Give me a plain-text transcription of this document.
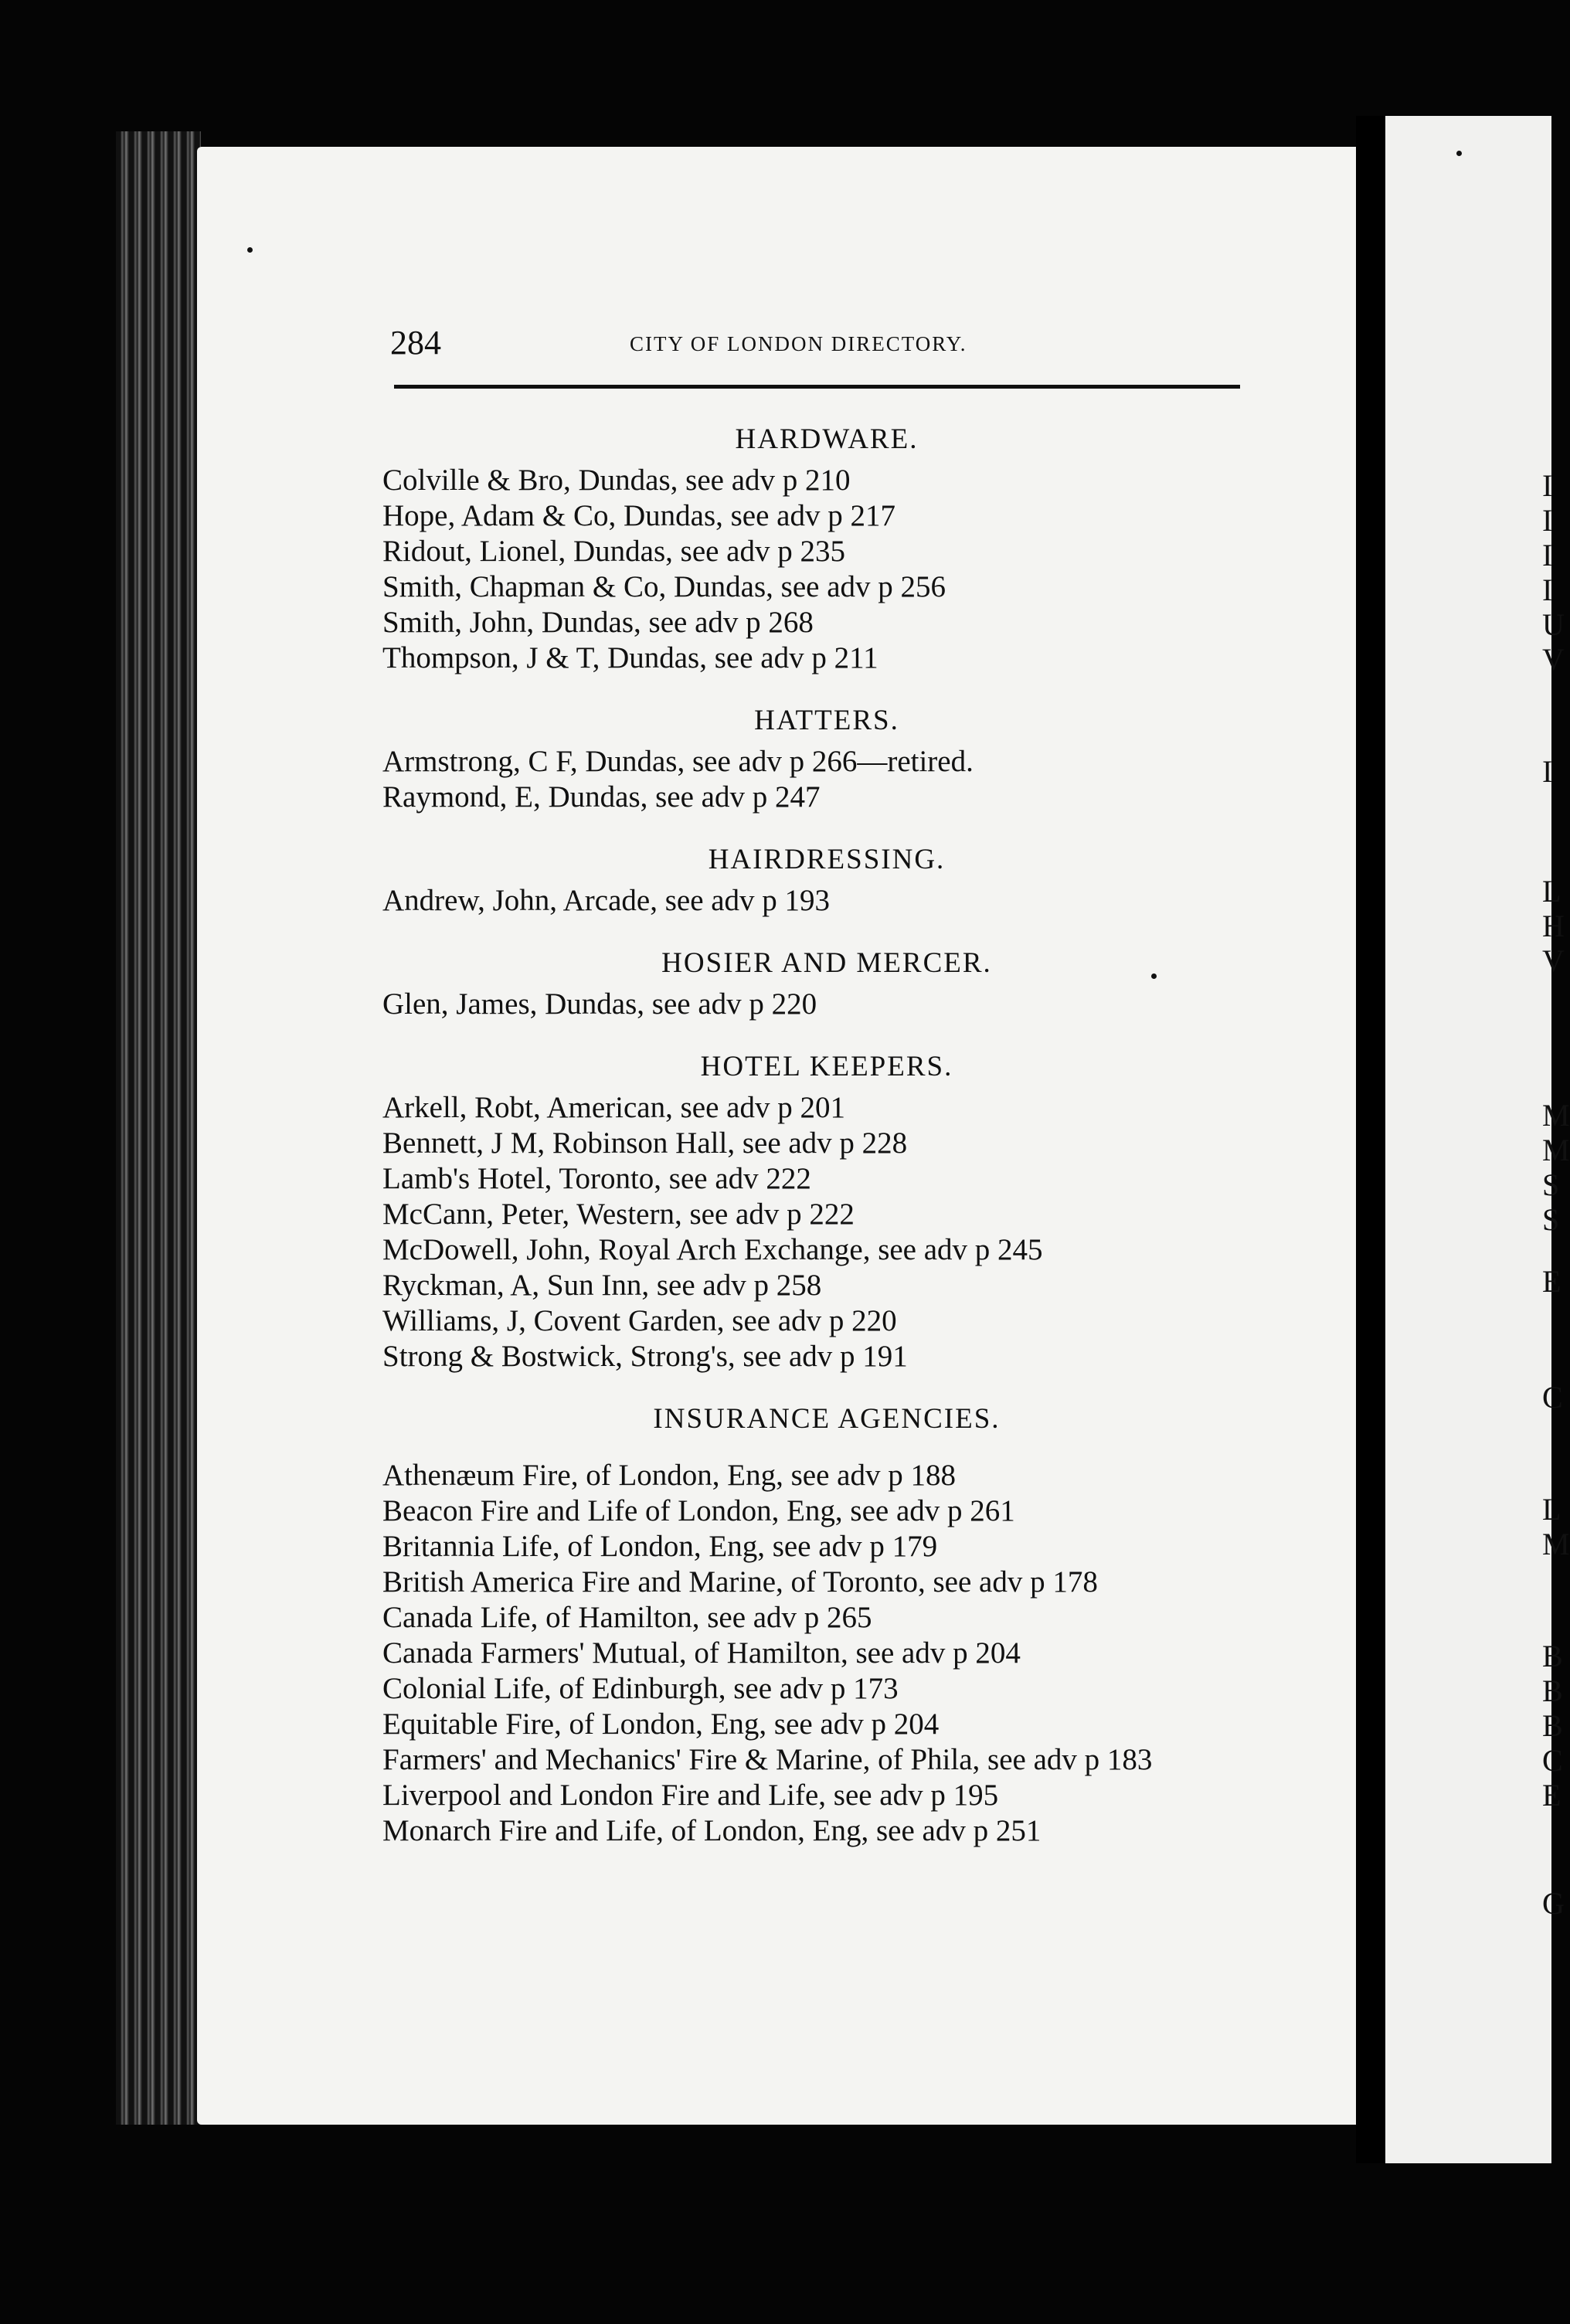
284	CITY OF LONDON DIRECTORY.
HARDWARE.
Colville & Bro, Dundas, see adv p 210
Hope, Adam & Co, Dundas, see adv p 217
Ridout, Lionel, Dundas, see adv p 235
Smith, Chapman & Co, Dundas, see adv p 256
Smith, John, Dundas, see adv p 268
Thompson, J & T, Dundas, see adv p 211
HATTERS.
Armstrong, C F, Dundas, see adv p 266—retired.
Raymond, E, Dundas, see adv p 247
HAIRDRESSING.
Andrew, John, Arcade, see adv p 193
HOSIER AND MERCER.
Glen, James, Dundas, see adv p 220
HOTEL KEEPERS.
Arkell, Robt, American, see adv p 201
Bennett, J M, Robinson Hall, see adv p 228
Lamb's Hotel, Toronto, see adv 222
McCann, Peter, Western, see adv p 222
McDowell, John, Royal Arch Exchange, see adv p 245
Ryckman, A, Sun Inn, see adv p 258
Williams, J, Covent Garden, see adv p 220
Strong & Bostwick, Strong's, see adv p 191
INSURANCE AGENCIES.
Athenæum Fire, of London, Eng, see adv p 188
Beacon Fire and Life of London, Eng, see adv p 261
Britannia Life, of London, Eng, see adv p 179
British America Fire and Marine, of Toronto, see adv p 178
Canada Life, of Hamilton, see adv p 265
Canada Farmers' Mutual, of Hamilton, see adv p 204
Colonial Life, of Edinburgh, see adv p 173
Equitable Fire, of London, Eng, see adv p 204
Farmers' and Mechanics' Fire & Marine, of Phila, see adv p 183
Liverpool and London Fire and Life, see adv p 195
Monarch Fire and Life, of London, Eng, see adv p 251
I
I
I
I
U
V
I
L
H
V
M
M
S
S
E
C
L
M
B
B
B
C
E
G
